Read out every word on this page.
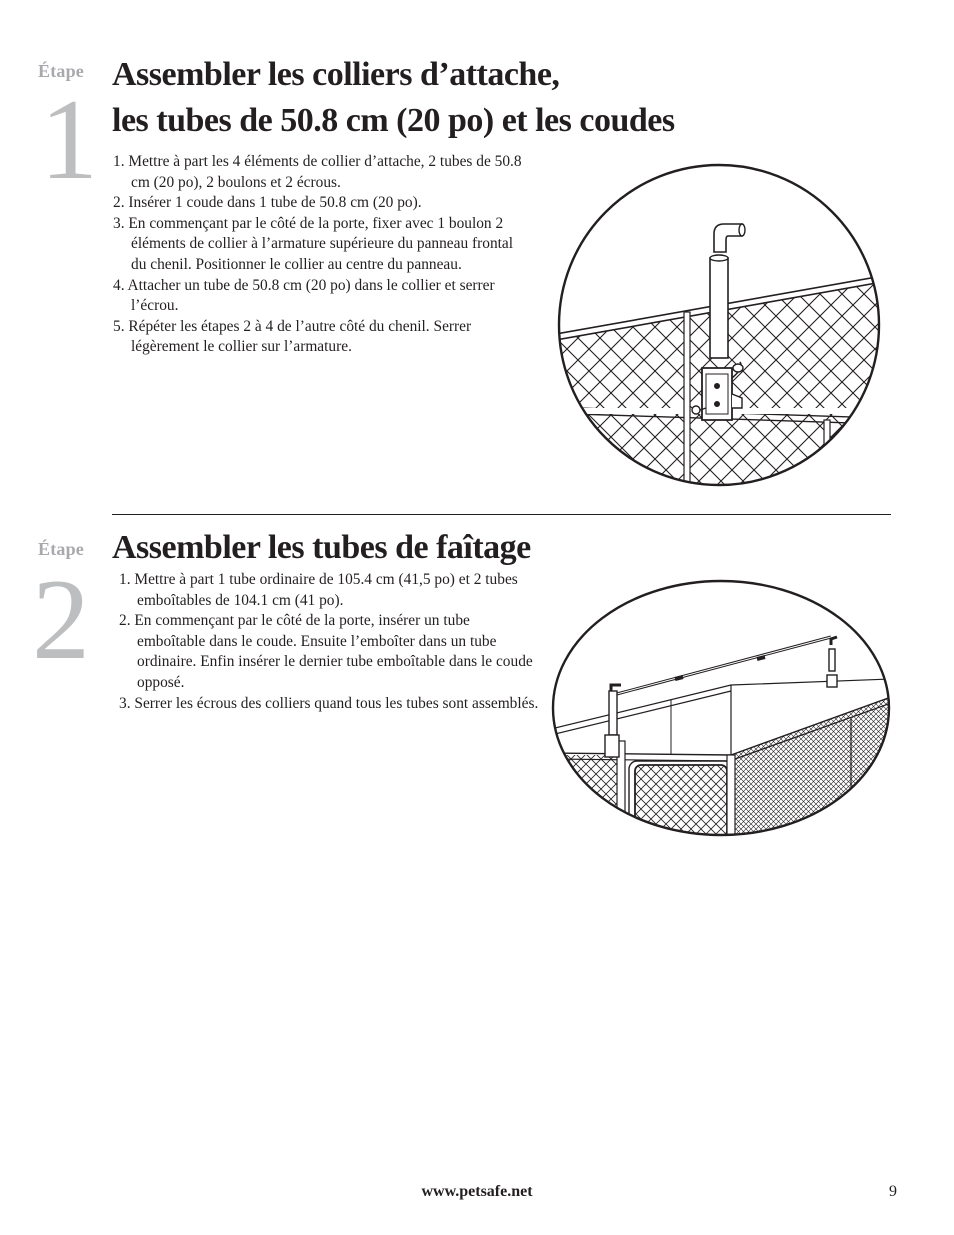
Étape
1
Assembler les colliers d’attache,
les tubes de 50.8 cm (20 po) et les coudes
1. Mettre à part les 4 éléments de collier d’attache, 2 tubes de 50.8 cm (20 po), 2 boulons et 2 écrous.
2. Insérer 1 coude dans 1 tube de 50.8 cm (20 po).
3. En commençant par le côté de la porte, fixer avec 1 boulon 2 éléments de collier à l’armature supérieure du panneau frontal du chenil. Positionner le collier au centre du panneau.
4. Attacher un tube de 50.8 cm (20 po) dans le collier et serrer l’écrou.
5. Répéter les étapes 2 à 4 de l’autre côté du chenil. Serrer légèrement le collier sur l’armature.
Étape
2
Assembler les tubes de faîtage
1. Mettre à part 1 tube ordinaire de 105.4 cm (41,5 po) et 2 tubes emboîtables de 104.1 cm (41 po).
2. En commençant par le côté de la porte, insérer un tube emboîtable dans le coude. Ensuite l’emboîter dans un tube ordinaire. Enfin insérer le dernier tube emboîtable dans le coude opposé.
3. Serrer les écrous des colliers quand tous les tubes sont assemblés.
www.petsafe.net	9
